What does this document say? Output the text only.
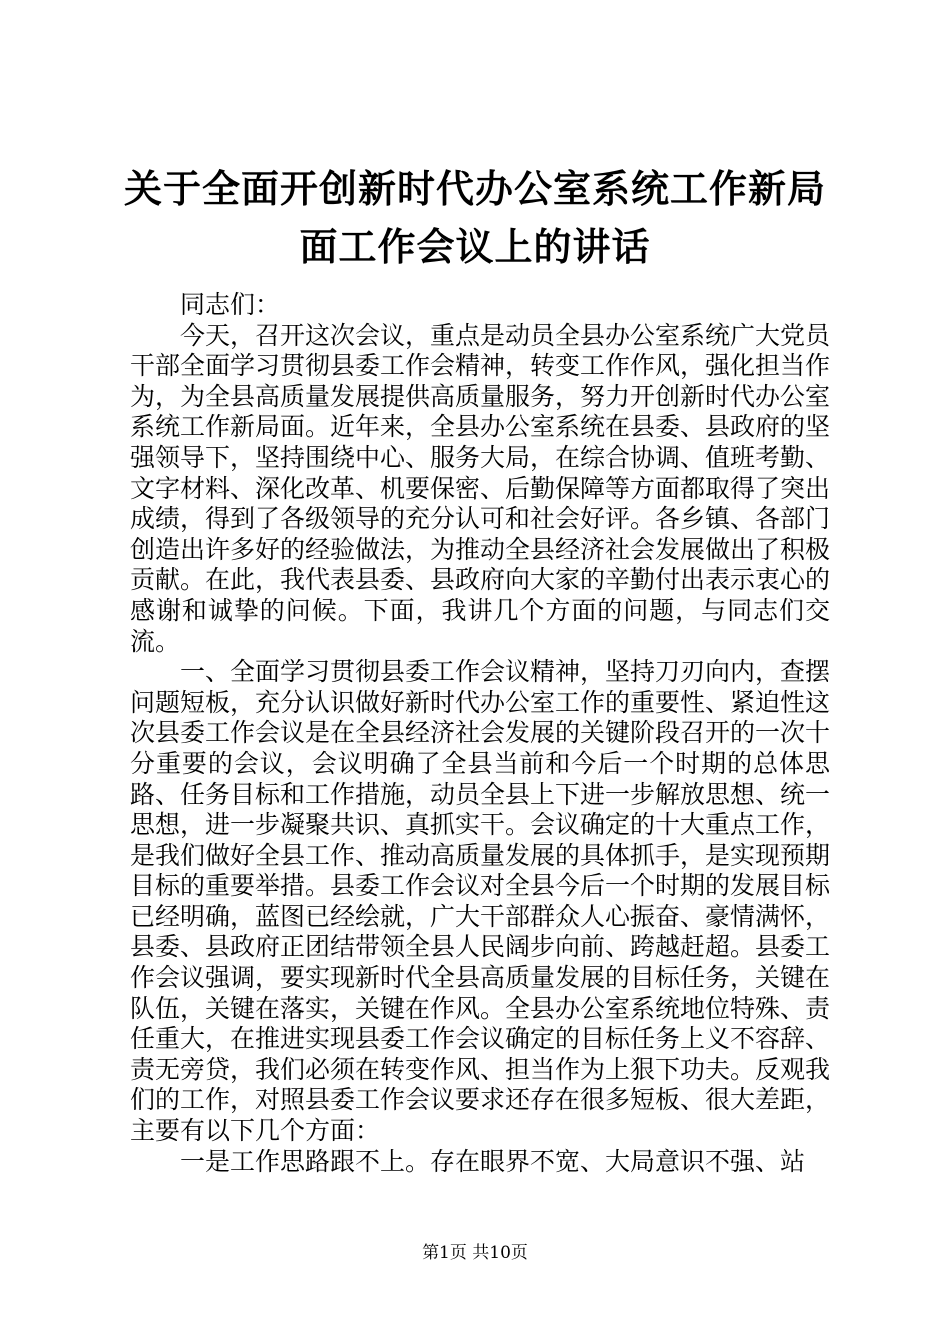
关于全面开创新时代办公室系统工作新局面工作会议上的讲话

同志们：

今天，召开这次会议，重点是动员全县办公室系统广大党员干部全面学习贯彻县委工作会精神，转变工作作风，强化担当作为，为全县高质量发展提供高质量服务，努力开创新时代办公室系统工作新局面。近年来，全县办公室系统在县委、县政府的坚强领导下，坚持围绕中心、服务大局，在综合协调、值班考勤、文字材料、深化改革、机要保密、后勤保障等方面都取得了突出成绩，得到了各级领导的充分认可和社会好评。各乡镇、各部门创造出许多好的经验做法，为推动全县经济社会发展做出了积极贡献。在此，我代表县委、县政府向大家的辛勤付出表示衷心的感谢和诚挚的问候。下面，我讲几个方面的问题，与同志们交流。

一、全面学习贯彻县委工作会议精神，坚持刀刃向内，查摆问题短板，充分认识做好新时代办公室工作的重要性、紧迫性这次县委工作会议是在全县经济社会发展的关键阶段召开的一次十分重要的会议，会议明确了全县当前和今后一个时期的总体思路、任务目标和工作措施，动员全县上下进一步解放思想、统一思想，进一步凝聚共识、真抓实干。会议确定的十大重点工作，是我们做好全县工作、推动高质量发展的具体抓手，是实现预期目标的重要举措。县委工作会议对全县今后一个时期的发展目标已经明确，蓝图已经绘就，广大干部群众人心振奋、豪情满怀，县委、县政府正团结带领全县人民阔步向前、跨越赶超。县委工作会议强调，要实现新时代全县高质量发展的目标任务，关键在队伍，关键在落实，关键在作风。全县办公室系统地位特殊、责任重大，在推进实现县委工作会议确定的目标任务上义不容辞、责无旁贷，我们必须在转变作风、担当作为上狠下功夫。反观我们的工作，对照县委工作会议要求还存在很多短板、很大差距，主要有以下几个方面：

一是工作思路跟不上。存在眼界不宽、大局意识不强、站

第1页 共10页
